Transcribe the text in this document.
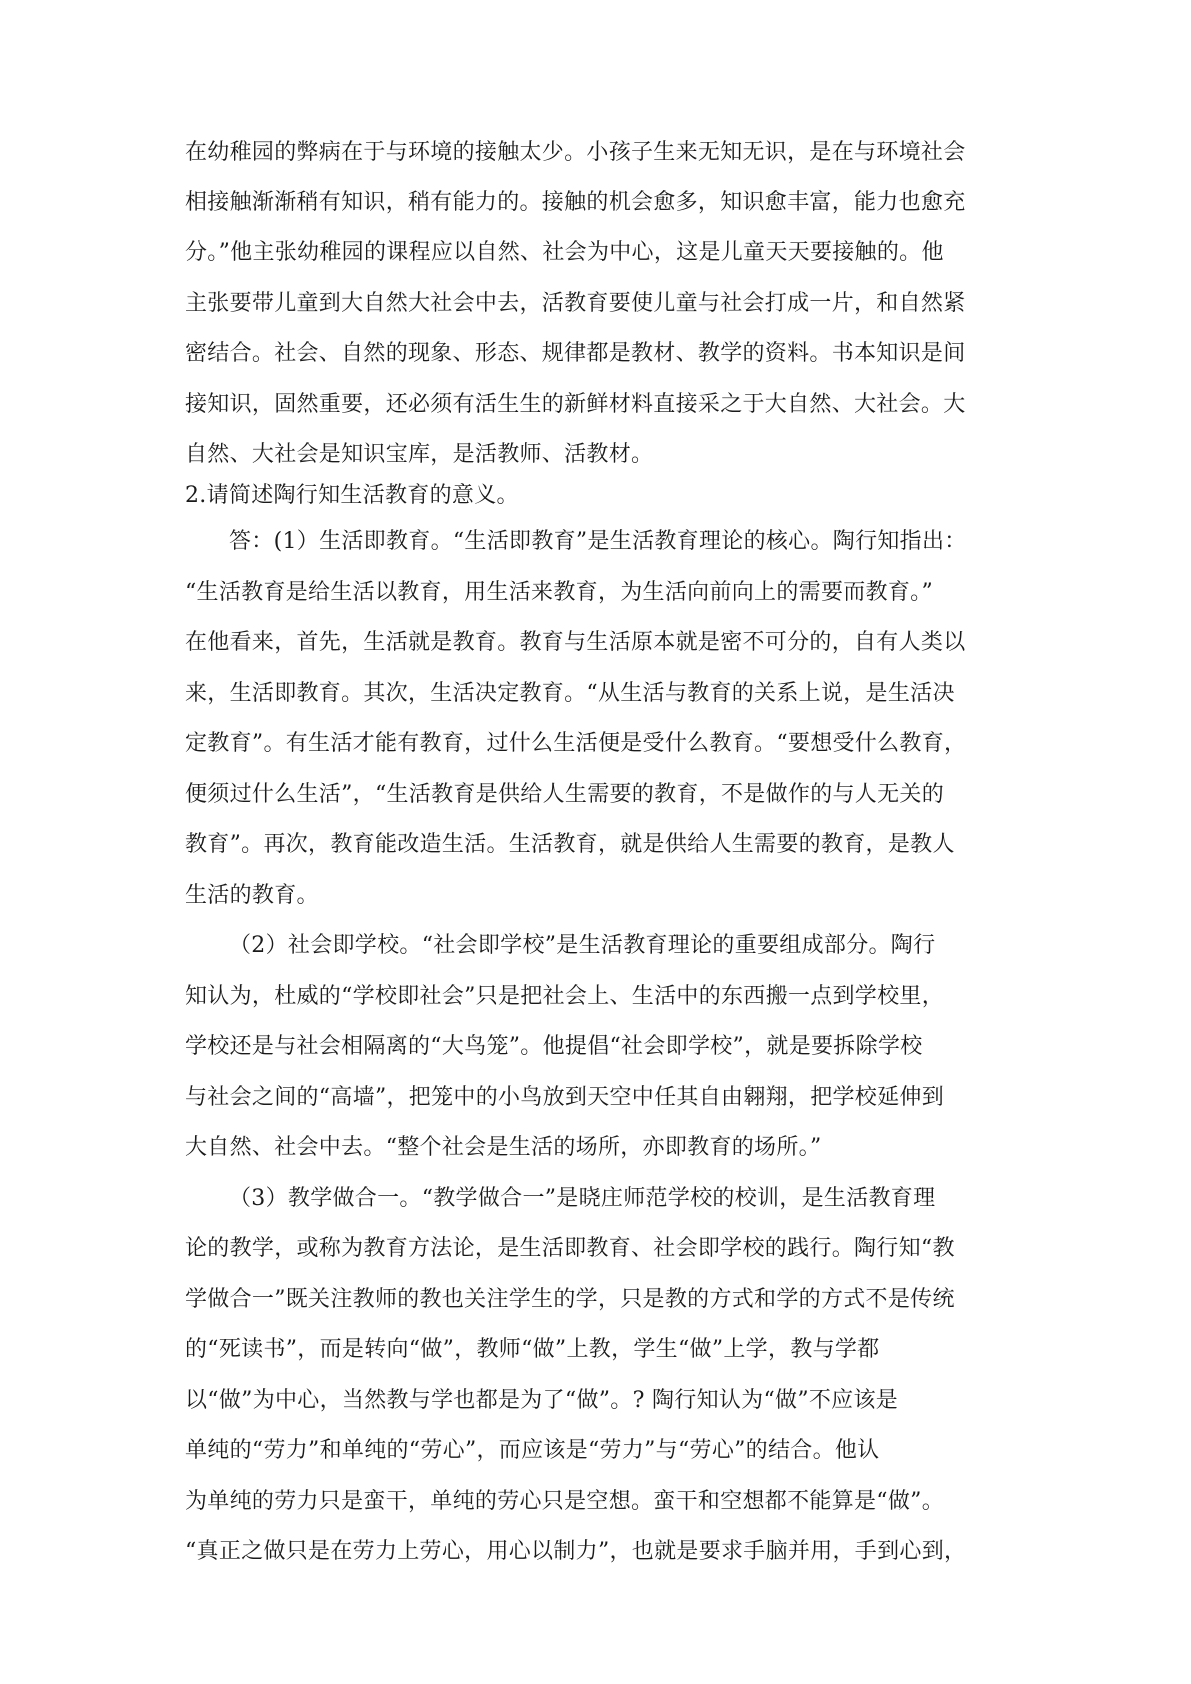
在幼稚园的弊病在于与环境的接触太少。小孩子生来无知无识，是在与环境社会
相接触渐渐稍有知识，稍有能力的。接触的机会愈多，知识愈丰富，能力也愈充
分。”他主张幼稚园的课程应以自然、社会为中心，这是儿童天天要接触的。他
主张要带儿童到大自然大社会中去，活教育要使儿童与社会打成一片，和自然紧
密结合。社会、自然的现象、形态、规律都是教材、教学的资料。书本知识是间
接知识，固然重要，还必须有活生生的新鲜材料直接采之于大自然、大社会。大
自然、大社会是知识宝库，是活教师、活教材。
2.请简述陶行知生活教育的意义。
答：(1）生活即教育。“生活即教育”是生活教育理论的核心。陶行知指出：
“生活教育是给生活以教育，用生活来教育，为生活向前向上的需要而教育。”
在他看来，首先，生活就是教育。教育与生活原本就是密不可分的，自有人类以
来，生活即教育。其次，生活决定教育。“从生活与教育的关系上说，是生活决
定教育”。有生活才能有教育，过什么生活便是受什么教育。“要想受什么教育，
便须过什么生活”，“生活教育是供给人生需要的教育，不是做作的与人无关的
教育”。再次，教育能改造生活。生活教育，就是供给人生需要的教育，是教人
生活的教育。
（2）社会即学校。“社会即学校”是生活教育理论的重要组成部分。陶行
知认为，杜威的“学校即社会”只是把社会上、生活中的东西搬一点到学校里，
学校还是与社会相隔离的“大鸟笼”。他提倡“社会即学校”，就是要拆除学校
与社会之间的“高墙”，把笼中的小鸟放到天空中任其自由翱翔，把学校延伸到
大自然、社会中去。“整个社会是生活的场所，亦即教育的场所。”
（3）教学做合一。“教学做合一”是晓庄师范学校的校训，是生活教育理
论的教学，或称为教育方法论，是生活即教育、社会即学校的践行。陶行知“教
学做合一”既关注教师的教也关注学生的学，只是教的方式和学的方式不是传统
的“死读书”，而是转向“做”，教师“做”上教，学生“做”上学，教与学都
以“做”为中心，当然教与学也都是为了“做”。? 陶行知认为“做”不应该是
单纯的“劳力”和单纯的“劳心”，而应该是“劳力”与“劳心”的结合。他认
为单纯的劳力只是蛮干，单纯的劳心只是空想。蛮干和空想都不能算是“做”。
“真正之做只是在劳力上劳心，用心以制力”，也就是要求手脑并用，手到心到，
